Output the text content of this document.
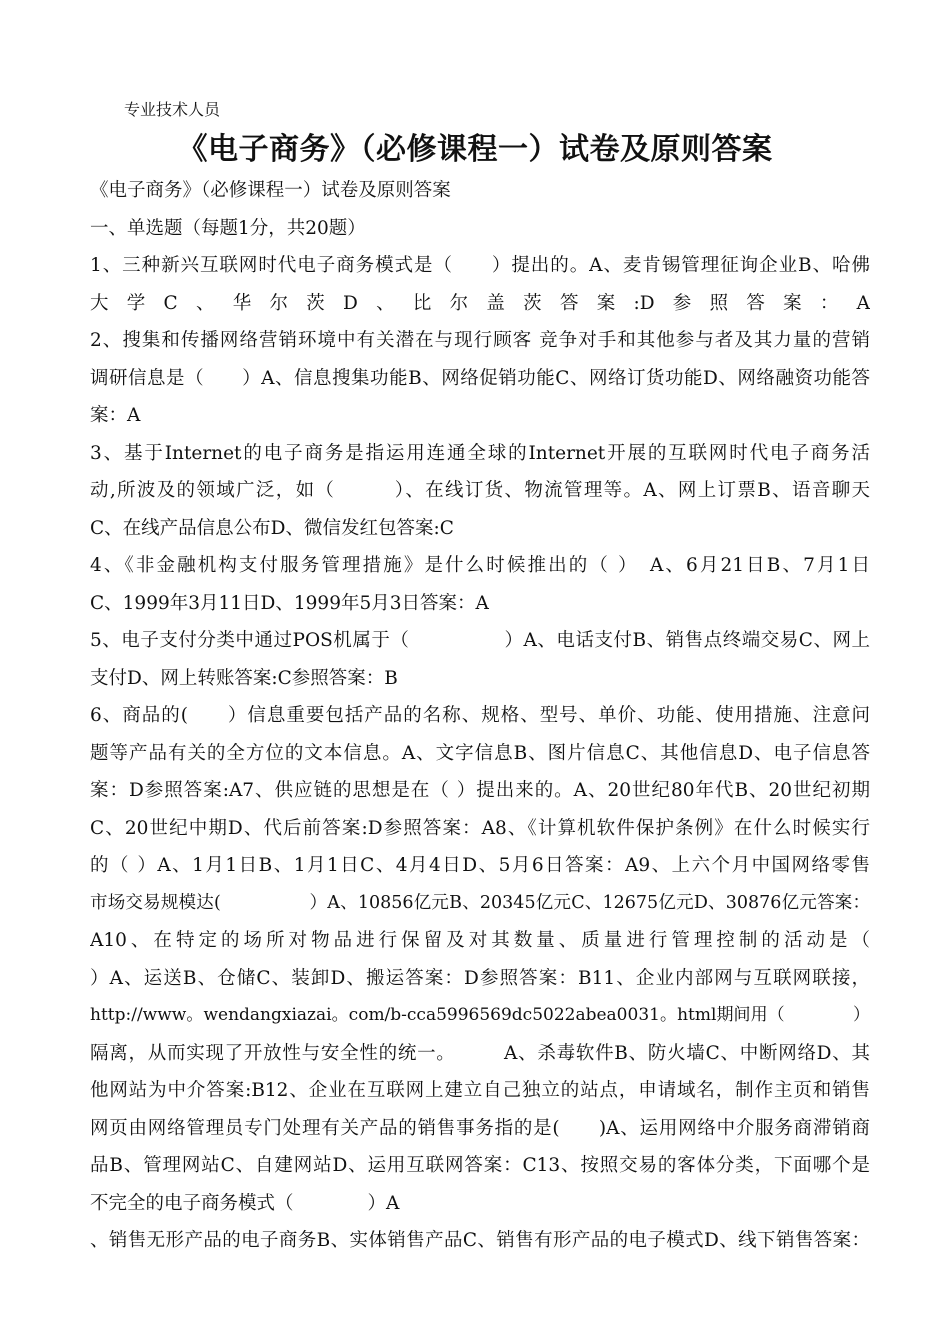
专业技术人员
《电子商务》（必修课程一）试卷及原则答案
《电子商务》（必修课程一）试卷及原则答案
一、单选题（每题1分，共20题）
1、三种新兴互联网时代电子商务模式是（　　）提出的。A、麦肯锡管理征询企业B、哈佛
大学C、华尔茨D、比尔盖茨答案:D参照答案：A
2、搜集和传播网络营销环境中有关潜在与现行顾客 竞争对手和其他参与者及其力量的营销
调研信息是（　　）A、信息搜集功能B、网络促销功能C、网络订货功能D、网络融资功能答
案：A
3、基于Internet的电子商务是指运用连通全球的Internet开展的互联网时代电子商务活
动,所波及的领域广泛，如（　　　）、在线订货、物流管理等。A、网上订票B、语音聊天
C、在线产品信息公布D、微信发红包答案:C
4、《非金融机构支付服务管理措施》是什么时候推出的（ ）　A、6月21日B、7月1日
C、1999年3月11日D、1999年5月3日答案：A
5、电子支付分类中通过POS机属于（　　　　　）A、电话支付B、销售点终端交易C、网上
支付D、网上转账答案:C参照答案：B
6、商品的(　　）信息重要包括产品的名称、规格、型号、单价、功能、使用措施、注意问
题等产品有关的全方位的文本信息。A、文字信息B、图片信息C、其他信息D、电子信息答
案：D参照答案:A7、供应链的思想是在（ ）提出来的。A、20世纪80年代B、20世纪初期
C、20世纪中期D、代后前答案:D参照答案：A8、《计算机软件保护条例》在什么时候实行
的（ ）A、1月1日B、1月1日C、4月4日D、5月6日答案：A9、上六个月中国网络零售
市场交易规模达(　　　　　）A、10856亿元B、20345亿元C、12675亿元D、30876亿元答案：
A10、在特定的场所对物品进行保留及对其数量、质量进行管理控制的活动是（
）A、运送B、仓储C、装卸D、搬运答案：D参照答案：B11、企业内部网与互联网联接，
http://www。wendangxiazai。com/b-cca5996569dc5022abea0031。html期间用（　　　　）
隔离，从而实现了开放性与安全性的统一。　　　A、杀毒软件B、防火墙C、中断网络D、其
他网站为中介答案:B12、企业在互联网上建立自己独立的站点，申请域名，制作主页和销售
网页由网络管理员专门处理有关产品的销售事务指的是(　　)A、运用网络中介服务商滞销商
品B、管理网站C、自建网站D、运用互联网答案：C13、按照交易的客体分类，下面哪个是
不完全的电子商务模式（　　　　）A
、销售无形产品的电子商务B、实体销售产品C、销售有形产品的电子模式D、线下销售答案：
